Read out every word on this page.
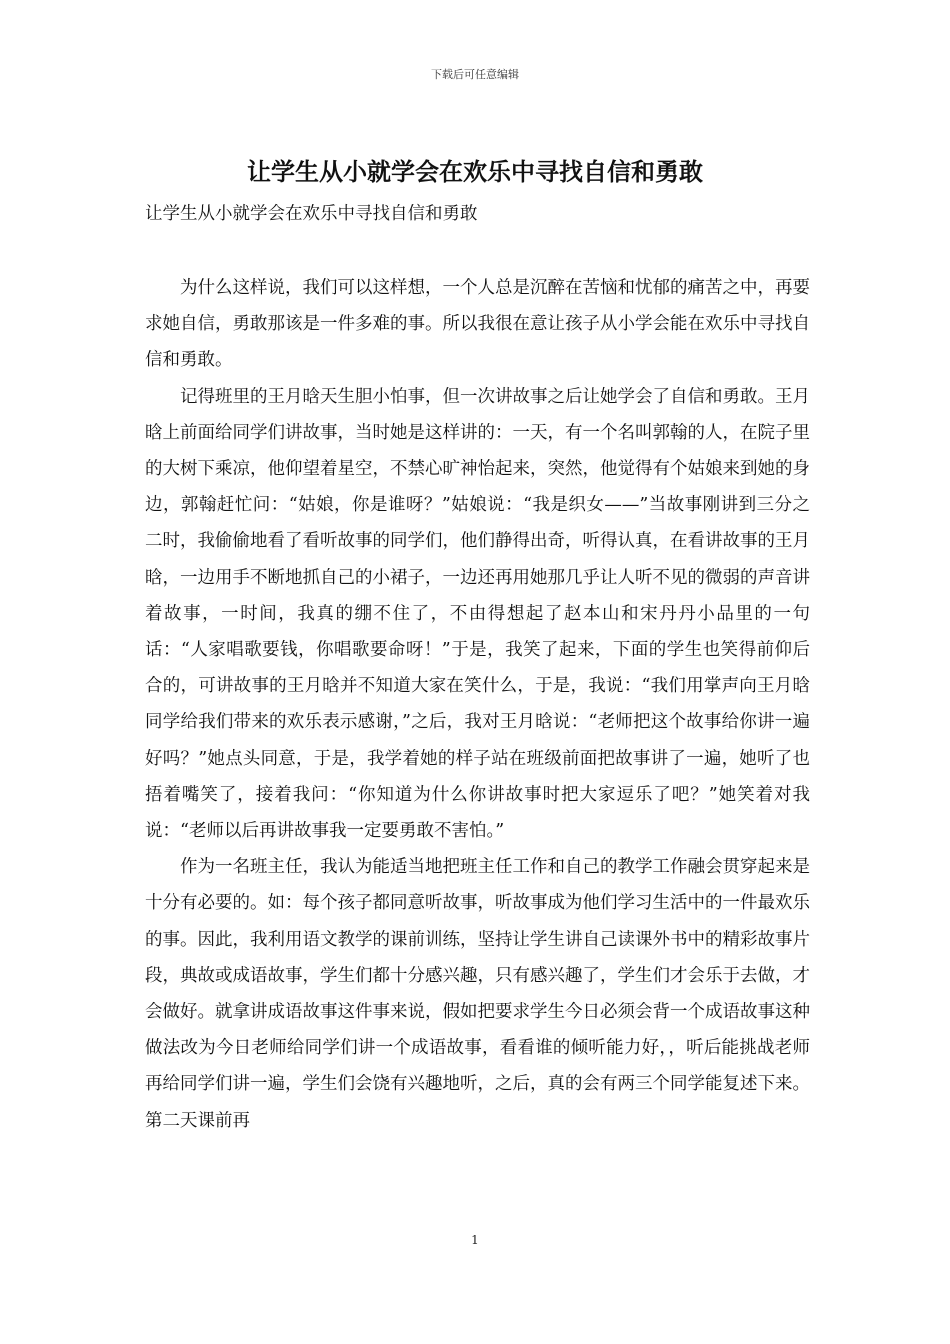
下载后可任意编辑
让学生从小就学会在欢乐中寻找自信和勇敢
让学生从小就学会在欢乐中寻找自信和勇敢

为什么这样说，我们可以这样想，一个人总是沉醉在苦恼和忧郁的痛苦之中，再要求她自信，勇敢那该是一件多难的事。所以我很在意让孩子从小学会能在欢乐中寻找自信和勇敢。

记得班里的王月晗天生胆小怕事，但一次讲故事之后让她学会了自信和勇敢。王月晗上前面给同学们讲故事，当时她是这样讲的：一天，有一个名叫郭翰的人，在院子里的大树下乘凉，他仰望着星空，不禁心旷神怡起来，突然，他觉得有个姑娘来到她的身边，郭翰赶忙问：“姑娘，你是谁呀？”姑娘说：“我是织女——”当故事刚讲到三分之二时，我偷偷地看了看听故事的同学们，他们静得出奇，听得认真，在看讲故事的王月晗，一边用手不断地抓自己的小裙子，一边还再用她那几乎让人听不见的微弱的声音讲着故事，一时间，我真的绷不住了，不由得想起了赵本山和宋丹丹小品里的一句话：“人家唱歌要钱，你唱歌要命呀！”于是，我笑了起来，下面的学生也笑得前仰后合的，可讲故事的王月晗并不知道大家在笑什么，于是，我说：“我们用掌声向王月晗同学给我们带来的欢乐表示感谢，”之后，我对王月晗说：“老师把这个故事给你讲一遍好吗？”她点头同意，于是，我学着她的样子站在班级前面把故事讲了一遍，她听了也捂着嘴笑了，接着我问：“你知道为什么你讲故事时把大家逗乐了吧？”她笑着对我说：“老师以后再讲故事我一定要勇敢不害怕。”

作为一名班主任，我认为能适当地把班主任工作和自己的教学工作融会贯穿起来是十分有必要的。如：每个孩子都同意听故事，听故事成为他们学习生活中的一件最欢乐的事。因此，我利用语文教学的课前训练，坚持让学生讲自己读课外书中的精彩故事片段，典故或成语故事，学生们都十分感兴趣，只有感兴趣了，学生们才会乐于去做，才会做好。就拿讲成语故事这件事来说，假如把要求学生今日必须会背一个成语故事这种做法改为今日老师给同学们讲一个成语故事，看看谁的倾听能力好，，听后能挑战老师再给同学们讲一遍，学生们会饶有兴趣地听，之后，真的会有两三个同学能复述下来。第二天课前再

1
